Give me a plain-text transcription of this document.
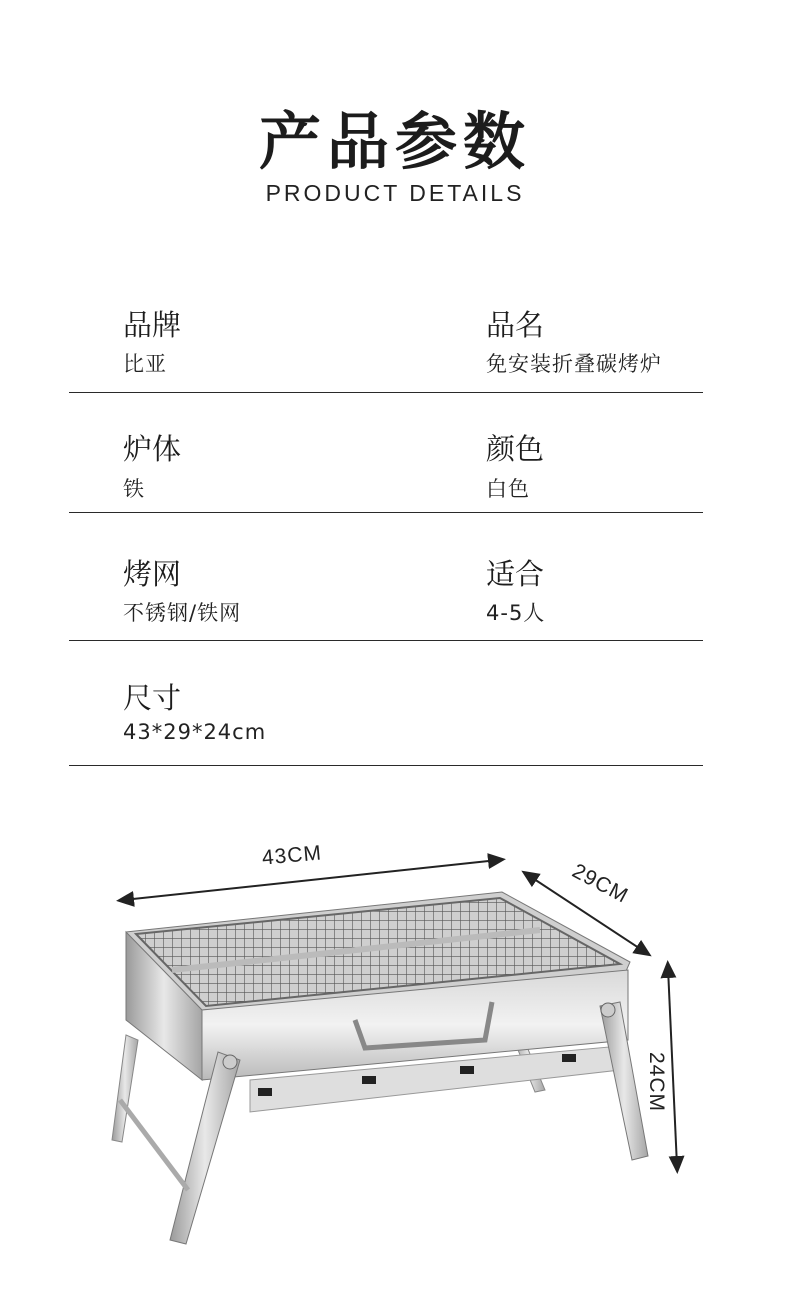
产品参数
PRODUCT DETAILS
品牌
比亚
品名
免安装折叠碳烤炉
炉体
铁
颜色
白色
烤网
不锈钢/铁网
适合
4-5人
尺寸
43*29*24cm
43CM
29CM
24CM
